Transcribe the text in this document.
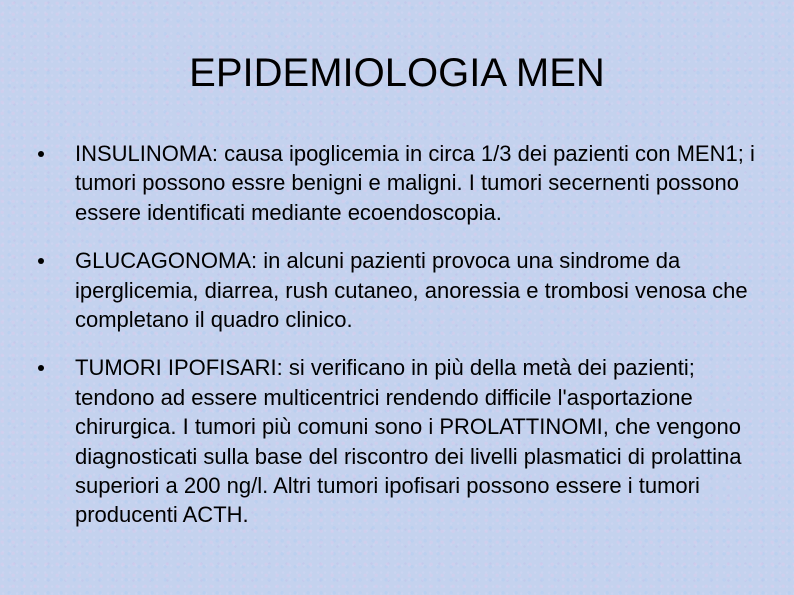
EPIDEMIOLOGIA MEN
INSULINOMA: causa ipoglicemia in circa 1/3 dei pazienti con MEN1; i tumori possono essre benigni e maligni. I tumori secernenti possono essere identificati mediante ecoendoscopia.
GLUCAGONOMA: in alcuni pazienti provoca una sindrome da iperglicemia, diarrea, rush cutaneo, anoressia e trombosi venosa che completano il quadro clinico.
TUMORI IPOFISARI: si verificano in più della metà dei pazienti; tendono ad essere multicentrici rendendo difficile l'asportazione chirurgica. I tumori più comuni sono i PROLATTINOMI, che vengono diagnosticati sulla base del riscontro dei livelli plasmatici di prolattina superiori a 200 ng/l. Altri tumori ipofisari possono essere i tumori producenti ACTH.
